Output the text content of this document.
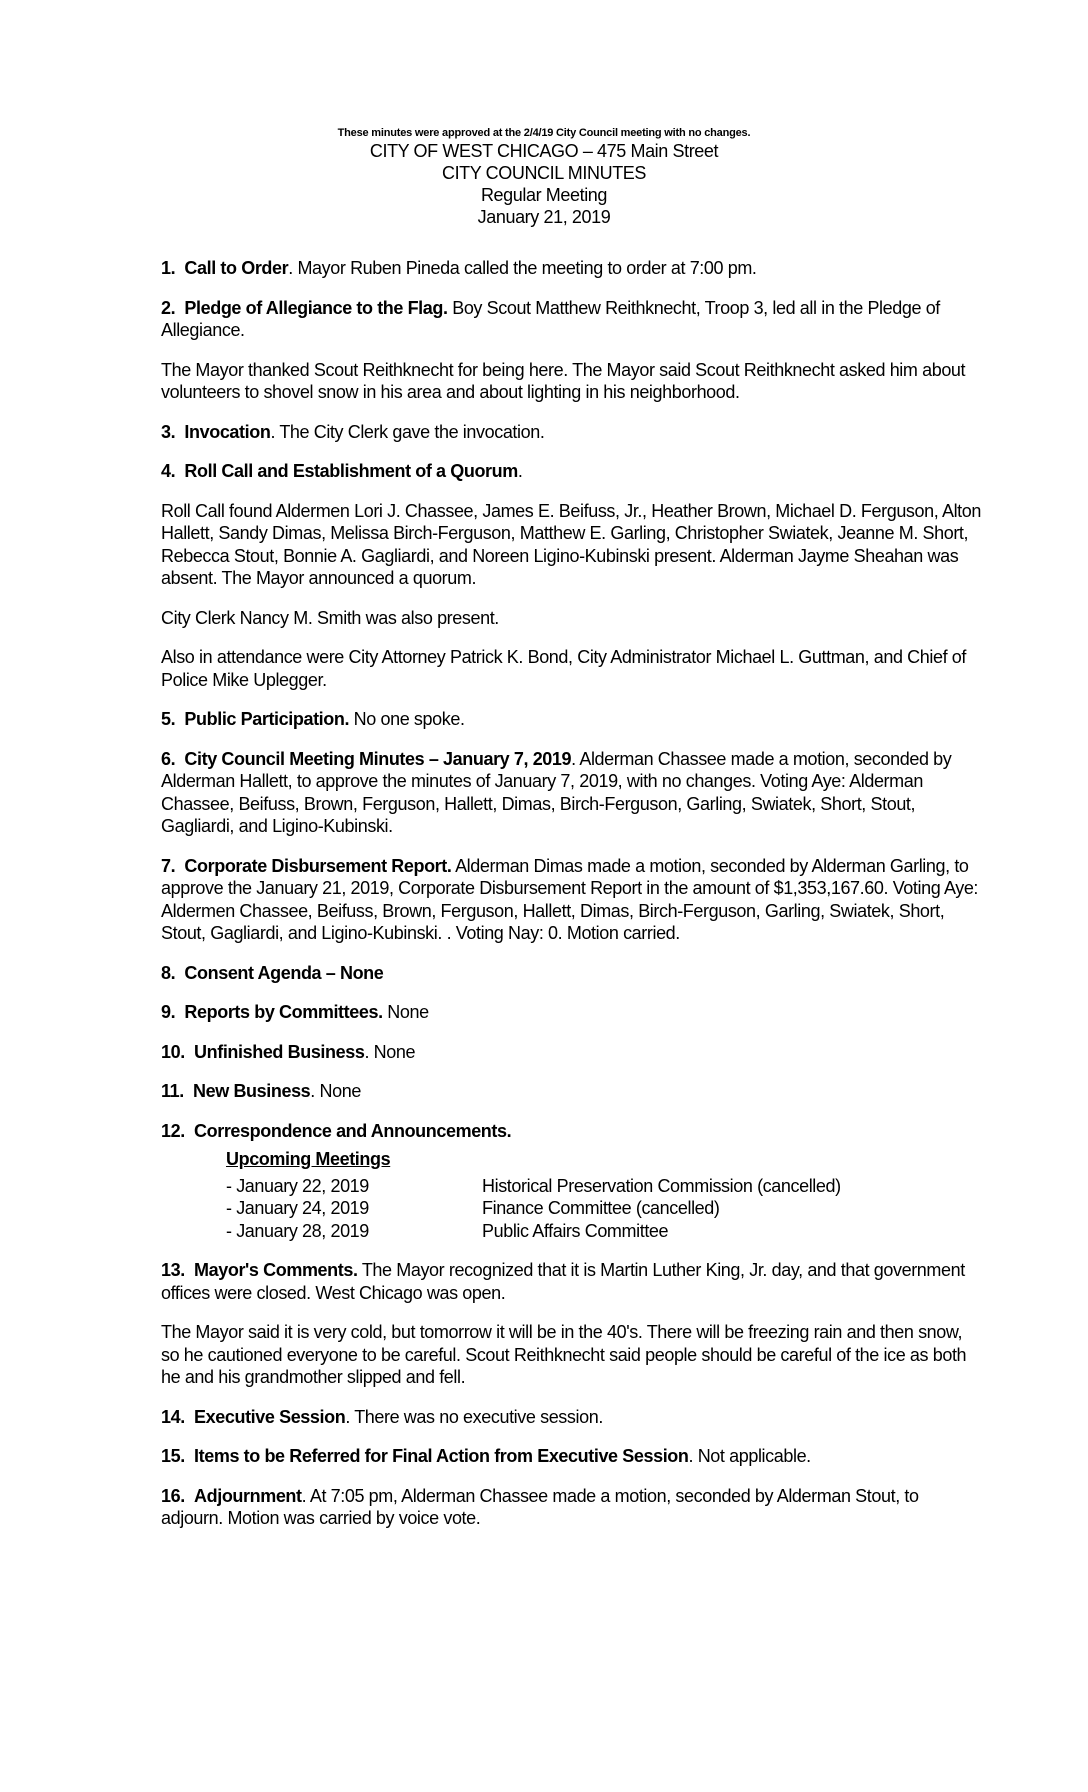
These minutes were approved at the 2/4/19 City Council meeting with no changes.
CITY OF WEST CHICAGO – 475 Main Street
CITY COUNCIL MINUTES
Regular Meeting
January 21, 2019

1. Call to Order. Mayor Ruben Pineda called the meeting to order at 7:00 pm.

2. Pledge of Allegiance to the Flag. Boy Scout Matthew Reithknecht, Troop 3, led all in the Pledge of Allegiance.

The Mayor thanked Scout Reithknecht for being here. The Mayor said Scout Reithknecht asked him about volunteers to shovel snow in his area and about lighting in his neighborhood.

3. Invocation. The City Clerk gave the invocation.

4. Roll Call and Establishment of a Quorum.

Roll Call found Aldermen Lori J. Chassee, James E. Beifuss, Jr., Heather Brown, Michael D. Ferguson, Alton Hallett, Sandy Dimas, Melissa Birch-Ferguson, Matthew E. Garling, Christopher Swiatek, Jeanne M. Short, Rebecca Stout, Bonnie A. Gagliardi, and Noreen Ligino-Kubinski present. Alderman Jayme Sheahan was absent. The Mayor announced a quorum.

City Clerk Nancy M. Smith was also present.

Also in attendance were City Attorney Patrick K. Bond, City Administrator Michael L. Guttman, and Chief of Police Mike Uplegger.

5. Public Participation. No one spoke.

6. City Council Meeting Minutes – January 7, 2019. Alderman Chassee made a motion, seconded by Alderman Hallett, to approve the minutes of January 7, 2019, with no changes. Voting Aye: Alderman Chassee, Beifuss, Brown, Ferguson, Hallett, Dimas, Birch-Ferguson, Garling, Swiatek, Short, Stout, Gagliardi, and Ligino-Kubinski.

7. Corporate Disbursement Report. Alderman Dimas made a motion, seconded by Alderman Garling, to approve the January 21, 2019, Corporate Disbursement Report in the amount of $1,353,167.60. Voting Aye: Aldermen Chassee, Beifuss, Brown, Ferguson, Hallett, Dimas, Birch-Ferguson, Garling, Swiatek, Short, Stout, Gagliardi, and Ligino-Kubinski. . Voting Nay: 0. Motion carried.

8. Consent Agenda – None

9. Reports by Committees. None

10. Unfinished Business. None

11. New Business. None

12. Correspondence and Announcements.

Upcoming Meetings
- January 22, 2019	Historical Preservation Commission (cancelled)
- January 24, 2019	Finance Committee (cancelled)
- January 28, 2019	Public Affairs Committee

13. Mayor's Comments. The Mayor recognized that it is Martin Luther King, Jr. day, and that government offices were closed. West Chicago was open.

The Mayor said it is very cold, but tomorrow it will be in the 40's. There will be freezing rain and then snow, so he cautioned everyone to be careful. Scout Reithknecht said people should be careful of the ice as both he and his grandmother slipped and fell.

14. Executive Session. There was no executive session.

15. Items to be Referred for Final Action from Executive Session. Not applicable.

16. Adjournment. At 7:05 pm, Alderman Chassee made a motion, seconded by Alderman Stout, to adjourn. Motion was carried by voice vote.
